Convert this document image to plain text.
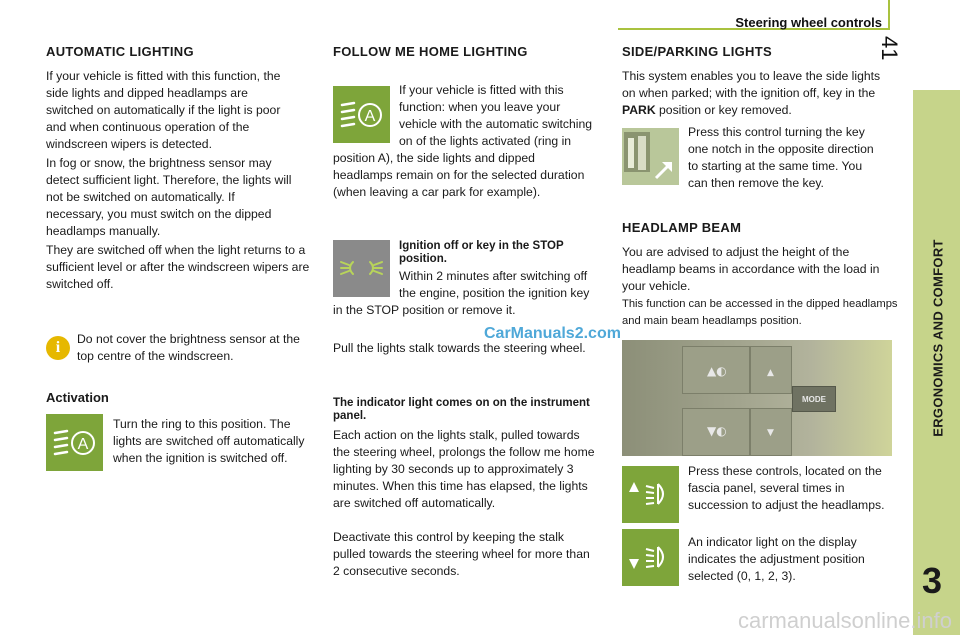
Steering wheel controls
41
ERGONOMICS AND COMFORT
3
AUTOMATIC LIGHTING

If your vehicle is fitted with this function, the side lights and dipped headlamps are switched on automatically if the light is poor and when continuous operation of the windscreen wipers is detected.

In fog or snow, the brightness sensor may detect sufficient light. Therefore, the lights will not be switched on automatically. If necessary, you must switch on the dipped headlamps manually.

They are switched off when the light returns to a sufficient level or after the windscreen wipers are switched off.

i	Do not cover the brightness sensor at the top centre of the windscreen.

Activation
A

Turn the ring to this position. The lights are switched off automatically when the ignition is switched off.

FOLLOW ME HOME LIGHTING
A

If your vehicle is fitted with this function: when you leave your vehicle with the automatic switching on of the lights activated (ring in position A), the side lights and dipped headlamps remain on for the selected duration (when leaving a car park for example).

Ignition off or key in the STOP position.

Within 2 minutes after switching off the engine, position the ignition key in the STOP position or remove it.

Pull the lights stalk towards the steering wheel.

CarManuals2.com
The indicator light comes on on the instrument panel.

Each action on the lights stalk, pulled towards the steering wheel, prolongs the follow me home lighting by 30 seconds up to approximately 3 minutes. When this time has elapsed, the lights are switched off automatically.

Deactivate this control by keeping the stalk pulled towards the steering wheel for more than 2 consecutive seconds.

SIDE/PARKING LIGHTS

This system enables you to leave the side lights on when parked; with the ignition off, key in the PARK position or key removed.

Press this control turning the key one notch in the opposite direction to starting at the same time. You can then remove the key.

HEADLAMP BEAM

You are advised to adjust the height of the headlamp beams in accordance with the load in your vehicle.

This function can be accessed in the dipped headlamps and main beam headlamps position.

▲◐	▲
MODE
▼◐	▼

Press these controls, located on the fascia panel, several times in succession to adjust the headlamps.

An indicator light on the display indicates the adjustment position selected (0, 1, 2, 3).

carmanualsonline.info
